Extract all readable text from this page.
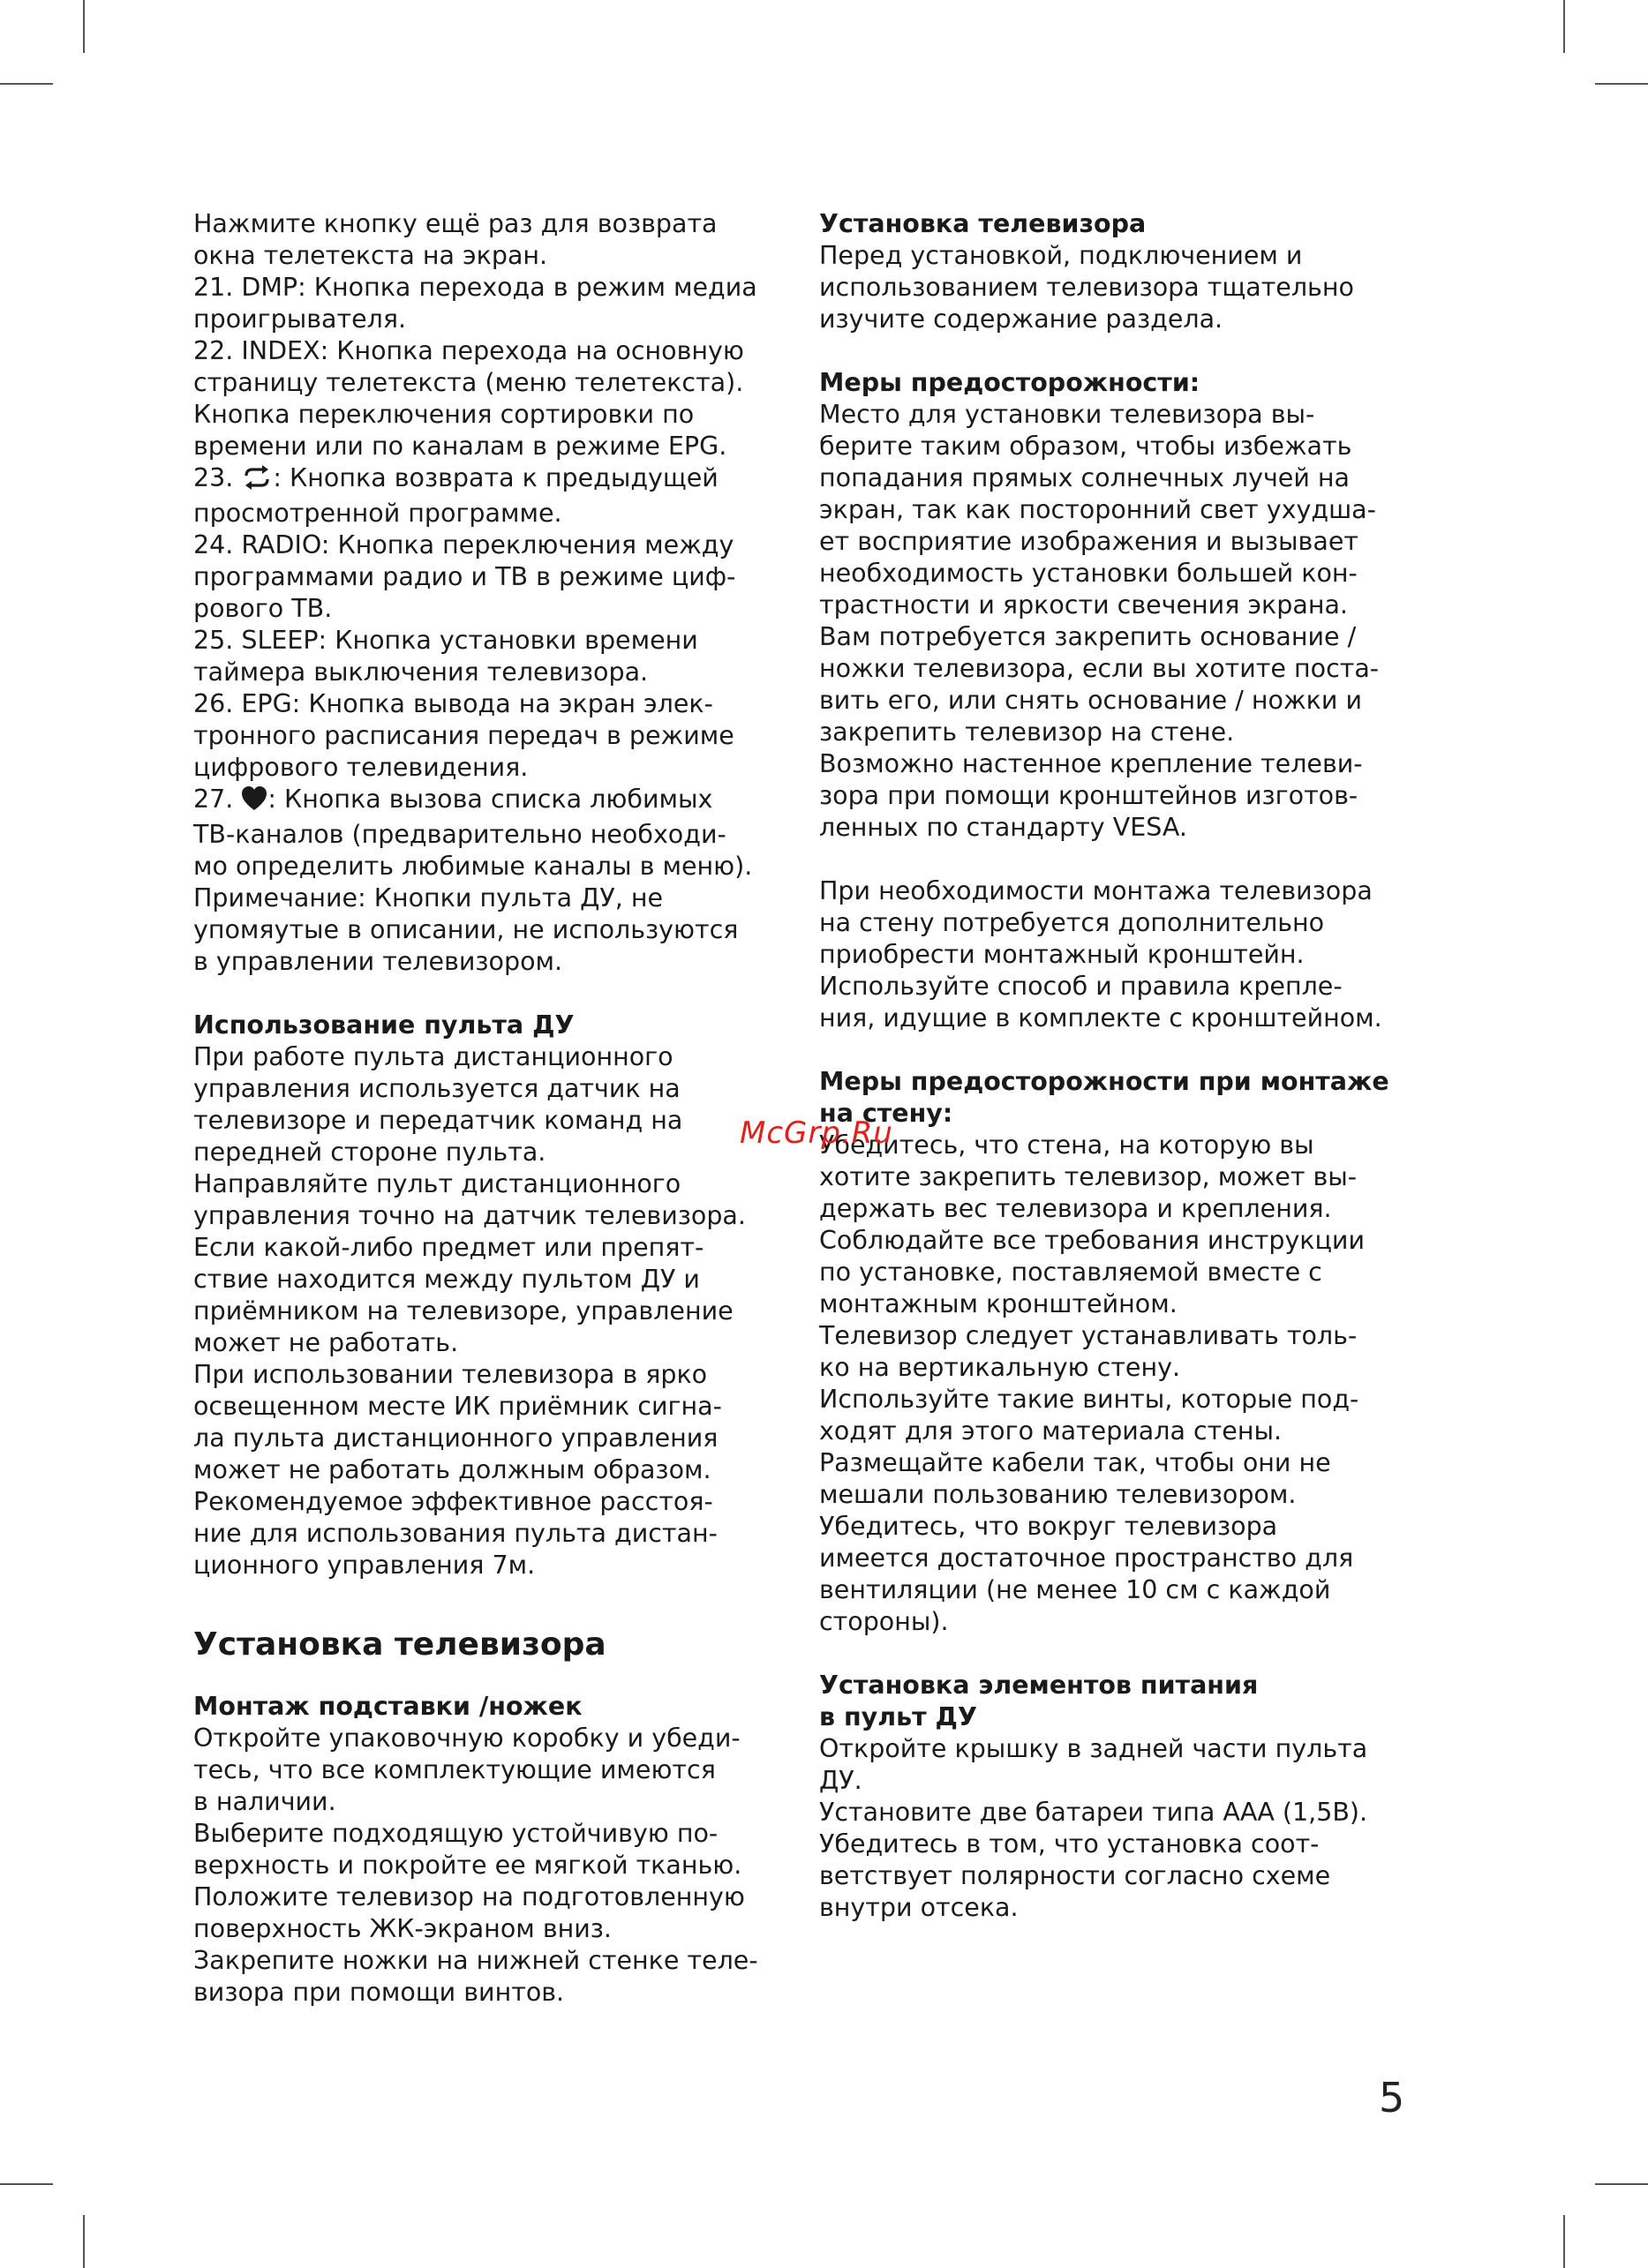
Нажмите кнопку ещё раз для возврата

окна телетекста на экран.

21. DMP: Кнопка перехода в режим медиа

проигрывателя.

22. INDEX: Кнопка перехода на основную

страницу телетекста (меню телетекста).

Кнопка переключения сортировки по

времени или по каналам в режиме EPG.

23. : Кнопка возврата к предыдущей

просмотренной программе.

24. RADIO: Кнопка переключения между

программами радио и ТВ в режиме циф-

рового ТВ.

25. SLEEP: Кнопка установки времени

таймера выключения телевизора.

26. EPG: Кнопка вывода на экран элек-

тронного расписания передач в режиме

цифрового телевидения.

27. : Кнопка вызова списка любимых

ТВ-каналов (предварительно необходи-

мо определить любимые каналы в меню).

Примечание: Кнопки пульта ДУ, не

упомяутые в описании, не используются

в управлении телевизором.

Использование пульта ДУ

При работе пульта дистанционного

управления используется датчик на

телевизоре и передатчик команд на

передней стороне пульта.

Направляйте пульт дистанционного

управления точно на датчик телевизора.

Если какой-либо предмет или препят-

ствие находится между пультом ДУ и

приёмником на телевизоре, управление

может не работать.

При использовании телевизора в ярко

освещенном месте ИК приёмник сигна-

ла пульта дистанционного управления

может не работать должным образом.

Рекомендуемое эффективное расстоя-

ние для использования пульта дистан-

ционного управления 7м.

Установка телевизора

Монтаж подставки /ножек

Откройте упаковочную коробку и убеди-

тесь, что все комплектующие имеются

в наличии.

Выберите подходящую устойчивую по-

верхность и покройте ее мягкой тканью.

Положите телевизор на подготовленную

поверхность ЖК-экраном вниз.

Закрепите ножки на нижней стенке теле-

визора при помощи винтов.

Установка телевизора

Перед установкой, подключением и

использованием телевизора тщательно

изучите содержание раздела.

Меры предосторожности:

Место для установки телевизора вы-

берите таким образом, чтобы избежать

попадания прямых солнечных лучей на

экран, так как посторонний свет ухудша-

ет восприятие изображения и вызывает

необходимость установки большей кон-

трастности и яркости свечения экрана.

Вам потребуется закрепить основание /

ножки телевизора, если вы хотите поста-

вить его, или снять основание / ножки и

закрепить телевизор на стене.

Возможно настенное крепление телеви-

зора при помощи кронштейнов изготов-

ленных по стандарту VESA.

При необходимости монтажа телевизора

на стену потребуется дополнительно

приобрести монтажный кронштейн.

Используйте способ и правила крепле-

ния, идущие в комплекте с кронштейном.

Меры предосторожности при монтаже

на стену:

Убедитесь, что стена, на которую вы

хотите закрепить телевизор, может вы-

держать вес телевизора и крепления.

Соблюдайте все требования инструкции

по установке, поставляемой вместе с

монтажным кронштейном.

Телевизор следует устанавливать толь-

ко на вертикальную стену.

Используйте такие винты, которые под-

ходят для этого материала стены.

Размещайте кабели так, чтобы они не

мешали пользованию телевизором.

Убедитесь, что вокруг телевизора

имеется достаточное пространство для

вентиляции (не менее 10 см с каждой

стороны).

Установка элементов питания

в пульт ДУ

Откройте крышку в задней части пульта ДУ.

Установите две батареи типа ААА (1,5В).

Убедитесь в том, что установка соот-

ветствует полярности согласно схеме

внутри отсека.

McGrp.Ru
5
